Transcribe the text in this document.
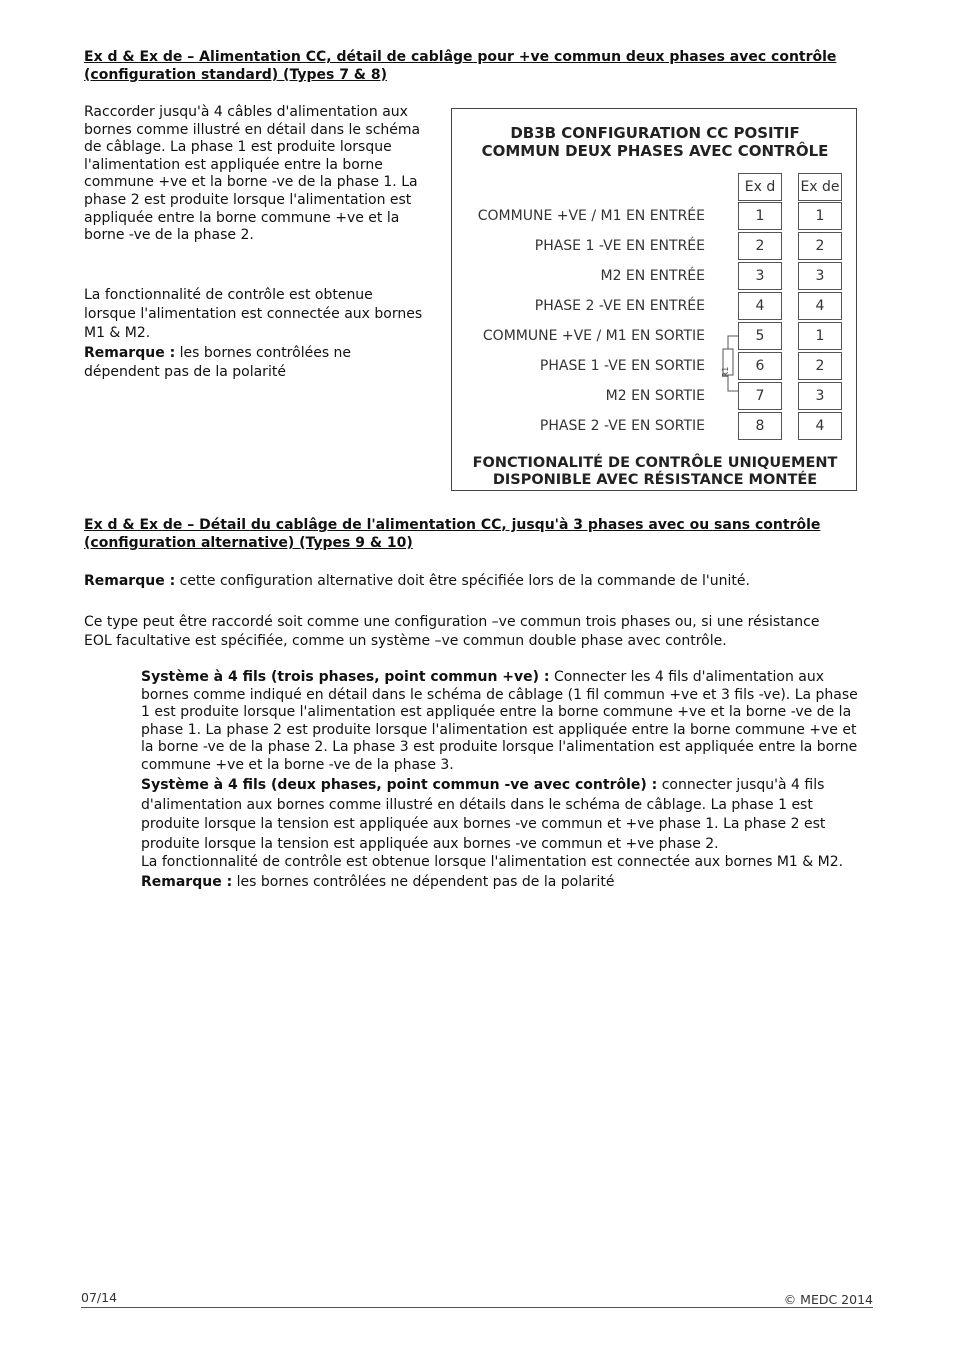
Ex d & Ex de – Alimentation CC, détail de cablâge pour +ve commun deux phases avec contrôle (configuration standard) (Types 7 & 8)
Raccorder jusqu'à 4 câbles d'alimentation aux bornes comme illustré en détail dans le schéma de câblage. La phase 1 est produite lorsque l'alimentation est appliquée entre la borne commune +ve et la borne -ve de la phase 1. La phase 2 est produite lorsque l'alimentation est appliquée entre la borne commune +ve et la borne -ve de la phase 2.
La fonctionnalité de contrôle est obtenue lorsque l'alimentation est connectée aux bornes M1 & M2.
Remarque : les bornes contrôlées ne dépendent pas de la polarité
DB3B CONFIGURATION CC POSITIF
COMMUN DEUX PHASES AVEC CONTRÔLE
Ex d	Ex de
COMMUNE +VE / M1 EN ENTRÉE	1	1
PHASE 1 -VE EN ENTRÉE	2	2
M2 EN ENTRÉE	3	3
PHASE 2 -VE EN ENTRÉE	4	4
COMMUNE +VE / M1 EN SORTIE	5	1
PHASE 1 -VE EN SORTIE	6	2
M2 EN SORTIE	7	3
PHASE 2 -VE EN SORTIE	8	4
R1
FONCTIONALITÉ DE CONTRÔLE UNIQUEMENT
DISPONIBLE AVEC RÉSISTANCE MONTÉE
Ex d & Ex de – Détail du cablâge de l'alimentation CC, jusqu'à 3 phases avec ou sans contrôle (configuration alternative) (Types 9 & 10)
Remarque : cette configuration alternative doit être spécifiée lors de la commande de l'unité.
Ce type peut être raccordé soit comme une configuration –ve commun trois phases ou, si une résistance EOL facultative est spécifiée, comme un système –ve commun double phase avec contrôle.
Système à 4 fils (trois phases, point commun +ve) : Connecter les 4 fils d'alimentation aux bornes comme indiqué en détail dans le schéma de câblage (1 fil commun +ve et 3 fils -ve). La phase 1 est produite lorsque l'alimentation est appliquée entre la borne commune +ve et la borne -ve de la phase 1. La phase 2 est produite lorsque l'alimentation est appliquée entre la borne commune +ve et la borne -ve de la phase 2. La phase 3 est produite lorsque l'alimentation est appliquée entre la borne commune +ve et la borne -ve de la phase 3.
Système à 4 fils (deux phases, point commun -ve avec contrôle) : connecter jusqu'à 4 fils d'alimentation aux bornes comme illustré en détails dans le schéma de câblage. La phase 1 est produite lorsque la tension est appliquée aux bornes -ve commun et +ve phase 1. La phase 2 est produite lorsque la tension est appliquée aux bornes -ve commun et +ve phase 2.
La fonctionnalité de contrôle est obtenue lorsque l'alimentation est connectée aux bornes M1 & M2.
Remarque : les bornes contrôlées ne dépendent pas de la polarité
07/14	© MEDC 2014
